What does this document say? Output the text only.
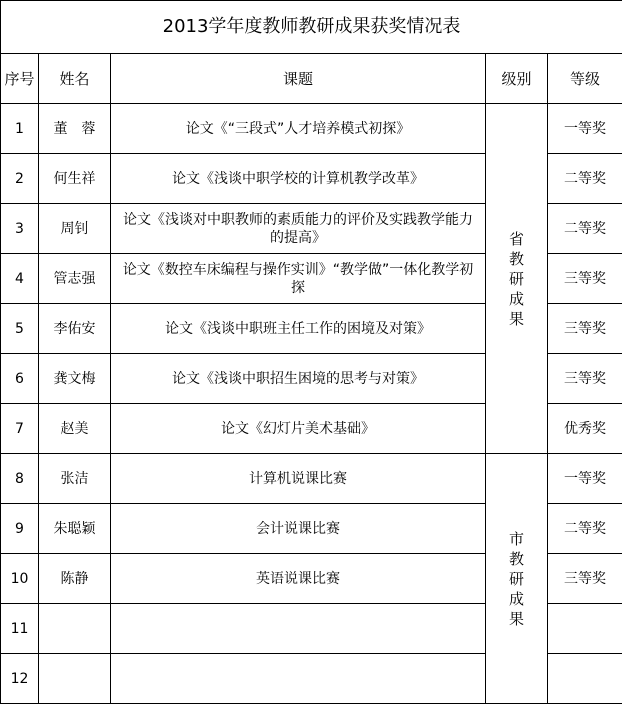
2013学年度教师教研成果获奖情况表				
序号	姓名	课题	级别	等级
1	董　蓉	论文《“三段式”人才培养模式初探》	省教研成果	一等奖
2	何生祥	论文《浅谈中职学校的计算机教学改革》		二等奖
3	周钊	论文《浅谈对中职教师的素质能力的评价及实践教学能力的提高》		二等奖
4	管志强	论文《数控车床编程与操作实训》“教学做”一体化教学初探		三等奖
5	李佑安	论文《浅谈中职班主任工作的困境及对策》		三等奖
6	龚文梅	论文《浅谈中职招生困境的思考与对策》		三等奖
7	赵美	论文《幻灯片美术基础》		优秀奖
8	张洁	计算机说课比赛	市教研成果	一等奖
9	朱聪颖	会计说课比赛		二等奖
10	陈静	英语说课比赛		三等奖
11				
12				
